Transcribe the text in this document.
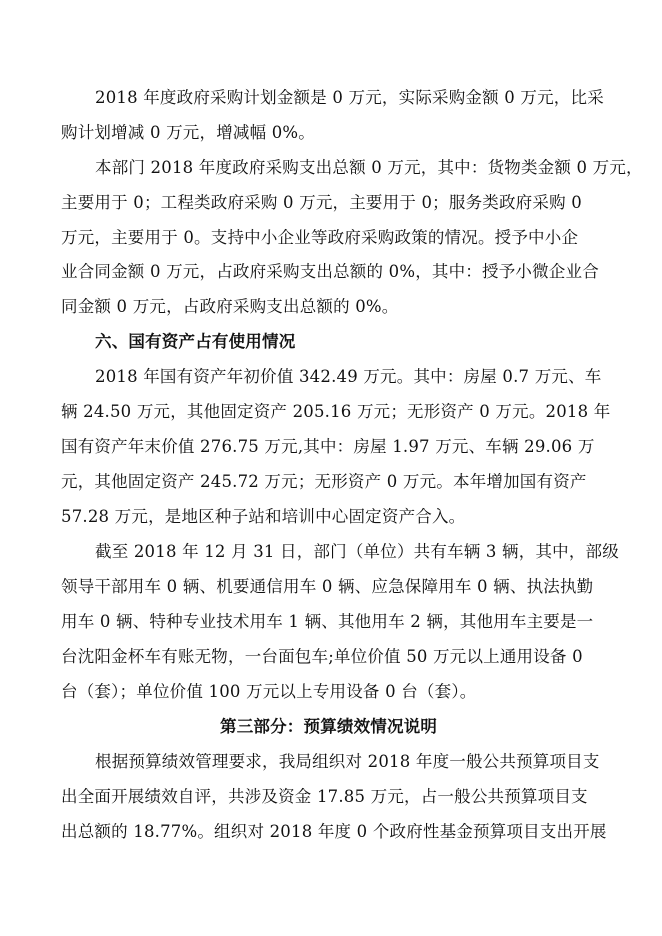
2018 年度政府采购计划金额是 0 万元，实际采购金额 0 万元，比采
购计划增减 0 万元，增减幅 0%。
本部门 2018 年度政府采购支出总额 0 万元，其中：货物类金额 0 万元，
主要用于 0；工程类政府采购 0 万元，主要用于 0；服务类政府采购 0
万元，主要用于 0。支持中小企业等政府采购政策的情况。授予中小企
业合同金额 0 万元，占政府采购支出总额的 0%，其中：授予小微企业合
同金额 0 万元，占政府采购支出总额的 0%。
六、国有资产占有使用情况
2018 年国有资产年初价值 342.49 万元。其中：房屋 0.7 万元、车
辆 24.50 万元，其他固定资产 205.16 万元；无形资产 0 万元。2018 年
国有资产年末价值 276.75 万元,其中：房屋 1.97 万元、车辆 29.06 万
元，其他固定资产 245.72 万元；无形资产 0 万元。本年增加国有资产
57.28 万元，是地区种子站和培训中心固定资产合入。
截至 2018 年 12 月 31 日，部门（单位）共有车辆 3 辆，其中，部级
领导干部用车 0 辆、机要通信用车 0 辆、应急保障用车 0 辆、执法执勤
用车 0 辆、特种专业技术用车 1 辆、其他用车 2 辆，其他用车主要是一
台沈阳金杯车有账无物，一台面包车;单位价值 50 万元以上通用设备 0
台（套）；单位价值 100 万元以上专用设备 0 台（套）。
第三部分：预算绩效情况说明
根据预算绩效管理要求，我局组织对 2018 年度一般公共预算项目支
出全面开展绩效自评，共涉及资金 17.85 万元，占一般公共预算项目支
出总额的 18.77%。组织对 2018 年度 0 个政府性基金预算项目支出开展
